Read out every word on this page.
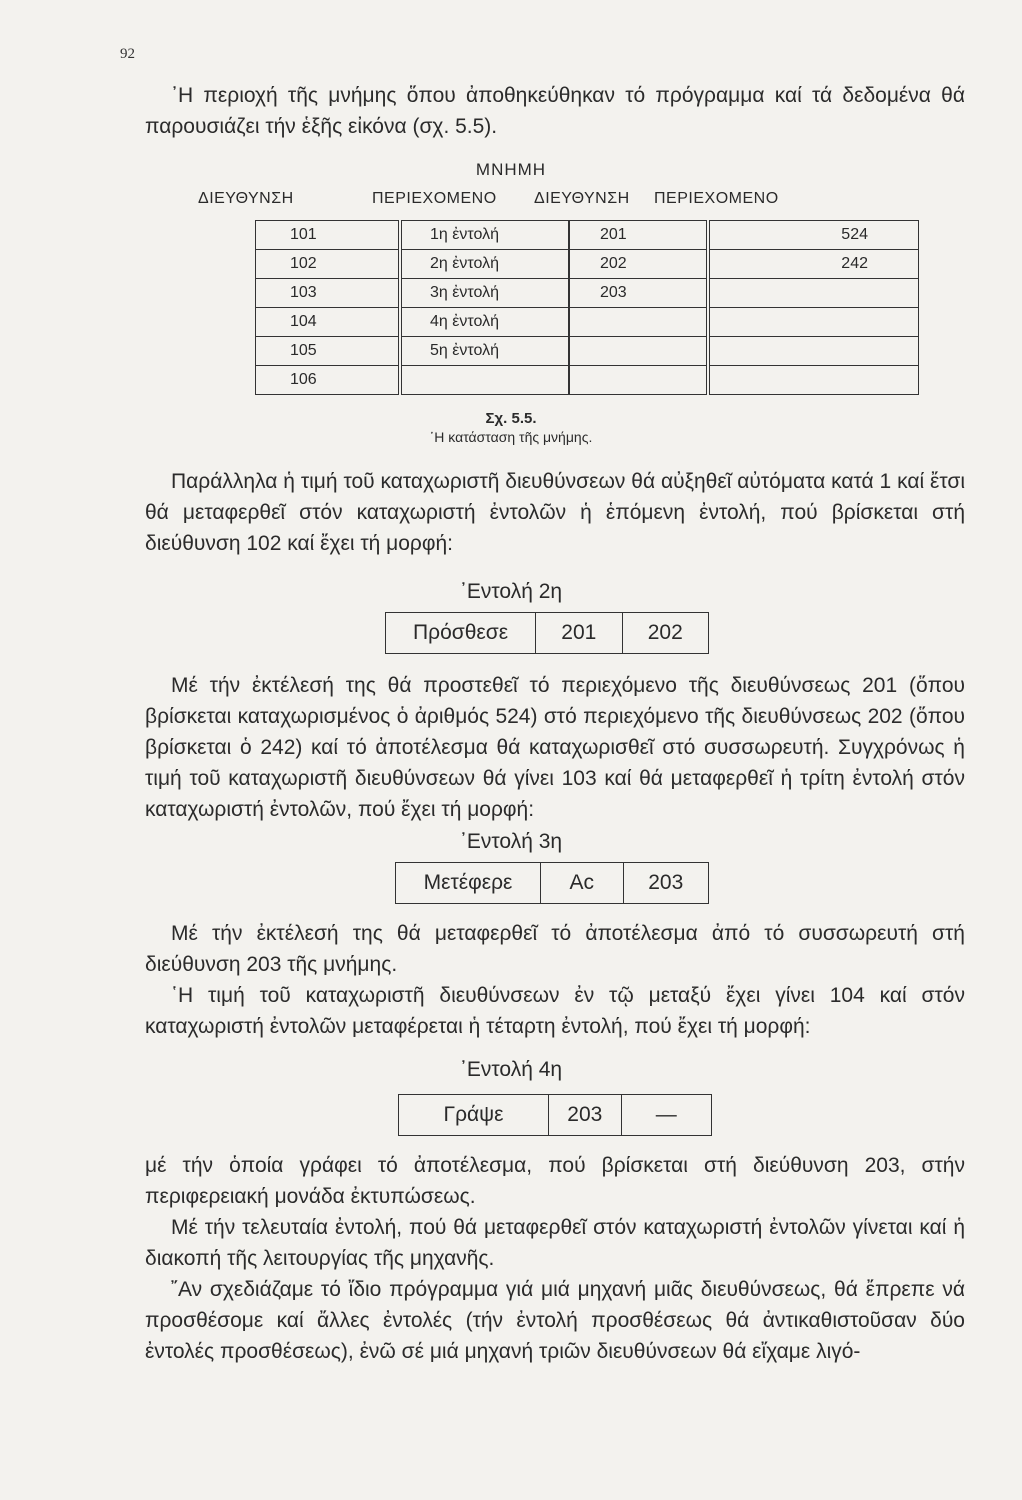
92

᾿Η περιοχή τῆς μνήμης ὅπου ἀποθηκεύθηκαν τό πρόγραμμα καί τά δεδομένα θά παρουσιάζει τήν ἑξῆς εἰκόνα (σχ. 5.5).

ΜΝΗΜΗ
ΔΙΕΥΘΥΝΣΗ	ΠΕΡΙΕΧΟΜΕΝΟ ΔΙΕΥΘΥΝΣΗ ΠΕΡΙΕΧΟΜΕΝΟ
101	1η ἐντολή	201	524
102	2η ἐντολή	202	242
103	3η ἐντολή	203	
104	4η ἐντολή		
105	5η ἐντολή		
106			
Σχ. 5.5.
῾Η κατάσταση τῆς μνήμης.

Παράλληλα ἡ τιμή τοῦ καταχωριστῆ διευθύνσεων θά αὐξηθεῖ αὐτόματα κατά 1 καί ἔτσι θά μεταφερθεῖ στόν καταχωριστή ἐντολῶν ἡ ἑπόμενη ἐντολή, πού βρίσκεται στή διεύθυνση 102 καί ἔχει τή μορφή:

᾿Εντολή 2η
Πρόσθεσε	201	202

Μέ τήν ἐκτέλεσή της θά προστεθεῖ τό περιεχόμενο τῆς διευθύνσεως 201 (ὅπου βρίσκεται καταχωρισμένος ὁ ἀριθμός 524) στό περιεχόμενο τῆς διευθύνσεως 202 (ὅπου βρίσκεται ὁ 242) καί τό ἀποτέλεσμα θά καταχωρισθεῖ στό συσσωρευτή. Συγχρόνως ἡ τιμή τοῦ καταχωριστῆ διευθύνσεων θά γίνει 103 καί θά μεταφερθεῖ ἡ τρίτη ἐντολή στόν καταχωριστή ἐντολῶν, πού ἔχει τή μορφή:

᾿Εντολή 3η
Μετέφερε	Ac	203

Μέ τήν ἐκτέλεσή της θά μεταφερθεῖ τό ἀποτέλεσμα ἀπό τό συσσωρευτή στή διεύθυνση 203 τῆς μνήμης.

῾Η τιμή τοῦ καταχωριστῆ διευθύνσεων ἐν τῷ μεταξύ ἔχει γίνει 104 καί στόν καταχωριστή ἐντολῶν μεταφέρεται ἡ τέταρτη ἐντολή, πού ἔχει τή μορφή:

᾿Εντολή 4η
Γράψε	203	—

μέ τήν ὁποία γράφει τό ἀποτέλεσμα, πού βρίσκεται στή διεύθυνση 203, στήν περιφερειακή μονάδα ἐκτυπώσεως.

Μέ τήν τελευταία ἐντολή, πού θά μεταφερθεῖ στόν καταχωριστή ἐντολῶν γίνεται καί ἡ διακοπή τῆς λειτουργίας τῆς μηχανῆς.

῎Αν σχεδιάζαμε τό ἴδιο πρόγραμμα γιά μιά μηχανή μιᾶς διευθύνσεως, θά ἔπρεπε νά προσθέσομε καί ἄλλες ἐντολές (τήν ἐντολή προσθέσεως θά ἀντικαθιστοῦσαν δύο ἐντολές προσθέσεως), ἐνῶ σέ μιά μηχανή τριῶν διευθύνσεων θά εἴχαμε λιγό-
